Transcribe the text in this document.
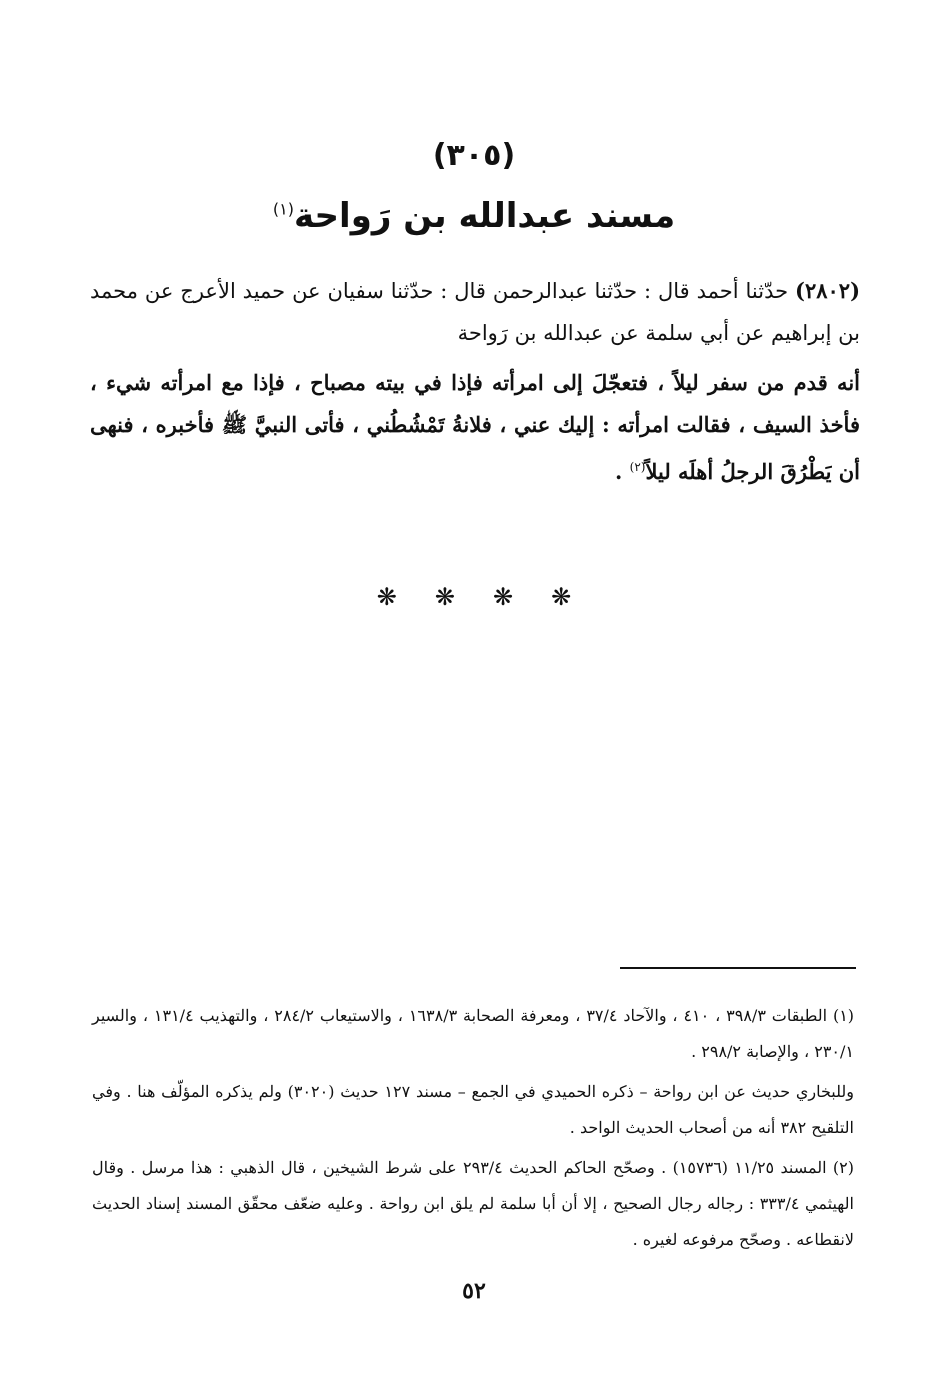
(٣٠٥)
مسند عبدالله بن رَواحة$^{(١)}$

(٢٨٠٢) حدّثنا أحمد قال : حدّثنا عبدالرحمن قال : حدّثنا سفيان عن حميد الأعرج عن محمد بن إبراهيم عن أبي سلمة عن عبدالله بن رَواحة

أنه قدم من سفر ليلاً ، فتعجّلَ إلى امرأته فإذا في بيته مصباح ، فإذا مع امرأته شيء ، فأخذ السيف ، فقالت امرأته : إليك عني ، فلانةُ تَمْشُطُني ، فأتى النبيَّ ﷺ فأخبره ، فنهى أن يَطْرُقَ الرجلُ أهلَه ليلاً$^{(٢)}$ .

❋ ❋ ❋ ❋

(١) الطبقات ٣٩٨/٣ ، ٤١٠ ، والآحاد ٣٧/٤ ، ومعرفة الصحابة ١٦٣٨/٣ ، والاستيعاب ٢٨٤/٢ ، والتهذيب ١٣١/٤ ، والسير ٢٣٠/١ ، والإصابة ٢٩٨/٢ .

وللبخاري حديث عن ابن رواحة – ذكره الحميدي في الجمع – مسند ١٢٧ حديث (٣٠٢٠) ولم يذكره المؤلّف هنا . وفي التلقيح ٣٨٢ أنه من أصحاب الحديث الواحد .

(٢) المسند ١١/٢٥ (١٥٧٣٦) . وصحّح الحاكم الحديث ٢٩٣/٤ على شرط الشيخين ، قال الذهبي : هذا مرسل . وقال الهيثمي ٣٣٣/٤ : رجاله رجال الصحيح ، إلا أن أبا سلمة لم يلق ابن رواحة . وعليه ضعّف محقّق المسند إسناد الحديث لانقطاعه . وصحّح مرفوعه لغيره .

٥٢
